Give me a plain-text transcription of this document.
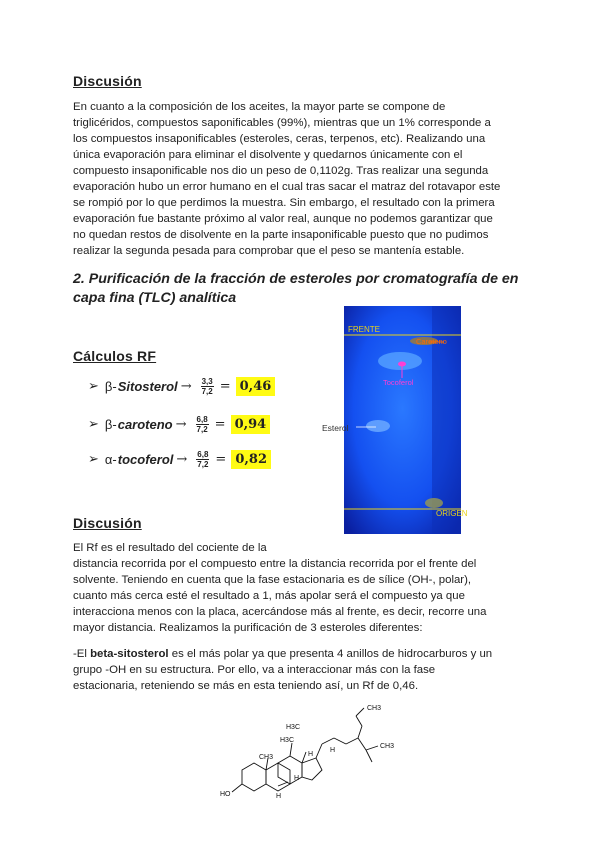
Discusión

En cuanto a la composición de los aceites, la mayor parte se compone de

triglicéridos, compuestos saponificables (99%), mientras que un 1% corresponde a

los compuestos insaponificables (esteroles, ceras, terpenos, etc). Realizando una

única evaporación para eliminar el disolvente y quedarnos únicamente con el

compuesto insaponificable nos dio un peso de 0,1102g. Tras realizar una segunda

evaporación hubo un error humano en el cual tras sacar el matraz del rotavapor este

se rompió por lo que perdimos la muestra. Sin embargo, el resultado con la primera

evaporación fue bastante próximo al valor real, aunque no podemos garantizar que

no quedan restos de disolvente en la parte insaponificable puesto que no pudimos

realizar la segunda pesada para comprobar que el peso se mantenía estable.

2. Purificación de la fracción de esteroles por cromatografía de en
capa fina (TLC) analítica
Cálculos RF
➢ β- Sitosterol → $\frac{3,3}{7,2} = 0,46$
➢ β- caroteno → $\frac{6,8}{7,2} = 0,94$
➢ α- tocoferol → $\frac{6,8}{7,2} = 0,82$
FRENTE
Caroteno
Tocoferol
ORIGEN
Esterol
Discusión
El Rf es el resultado del cociente de la

distancia recorrida por el compuesto entre la distancia recorrida por el frente del

solvente. Teniendo en cuenta que la fase estacionaria es de sílice (OH-, polar),

cuanto más cerca esté el resultado a 1, más apolar será el compuesto ya que

interacciona menos con la placa, acercándose más al frente, es decir, recorre una

mayor distancia. Realizamos la purificación de 3 esteroles diferentes:

-El beta-sitosterol es el más polar ya que presenta 4 anillos de hidrocarburos y un

grupo -OH en su estructura. Por ello, va a interaccionar más con la fase

estacionaria, reteniendo se más en esta teniendo así, un Rf de 0,46.

CH3
CH3
H3C
H3C
CH3
H
H
H
H
HO
